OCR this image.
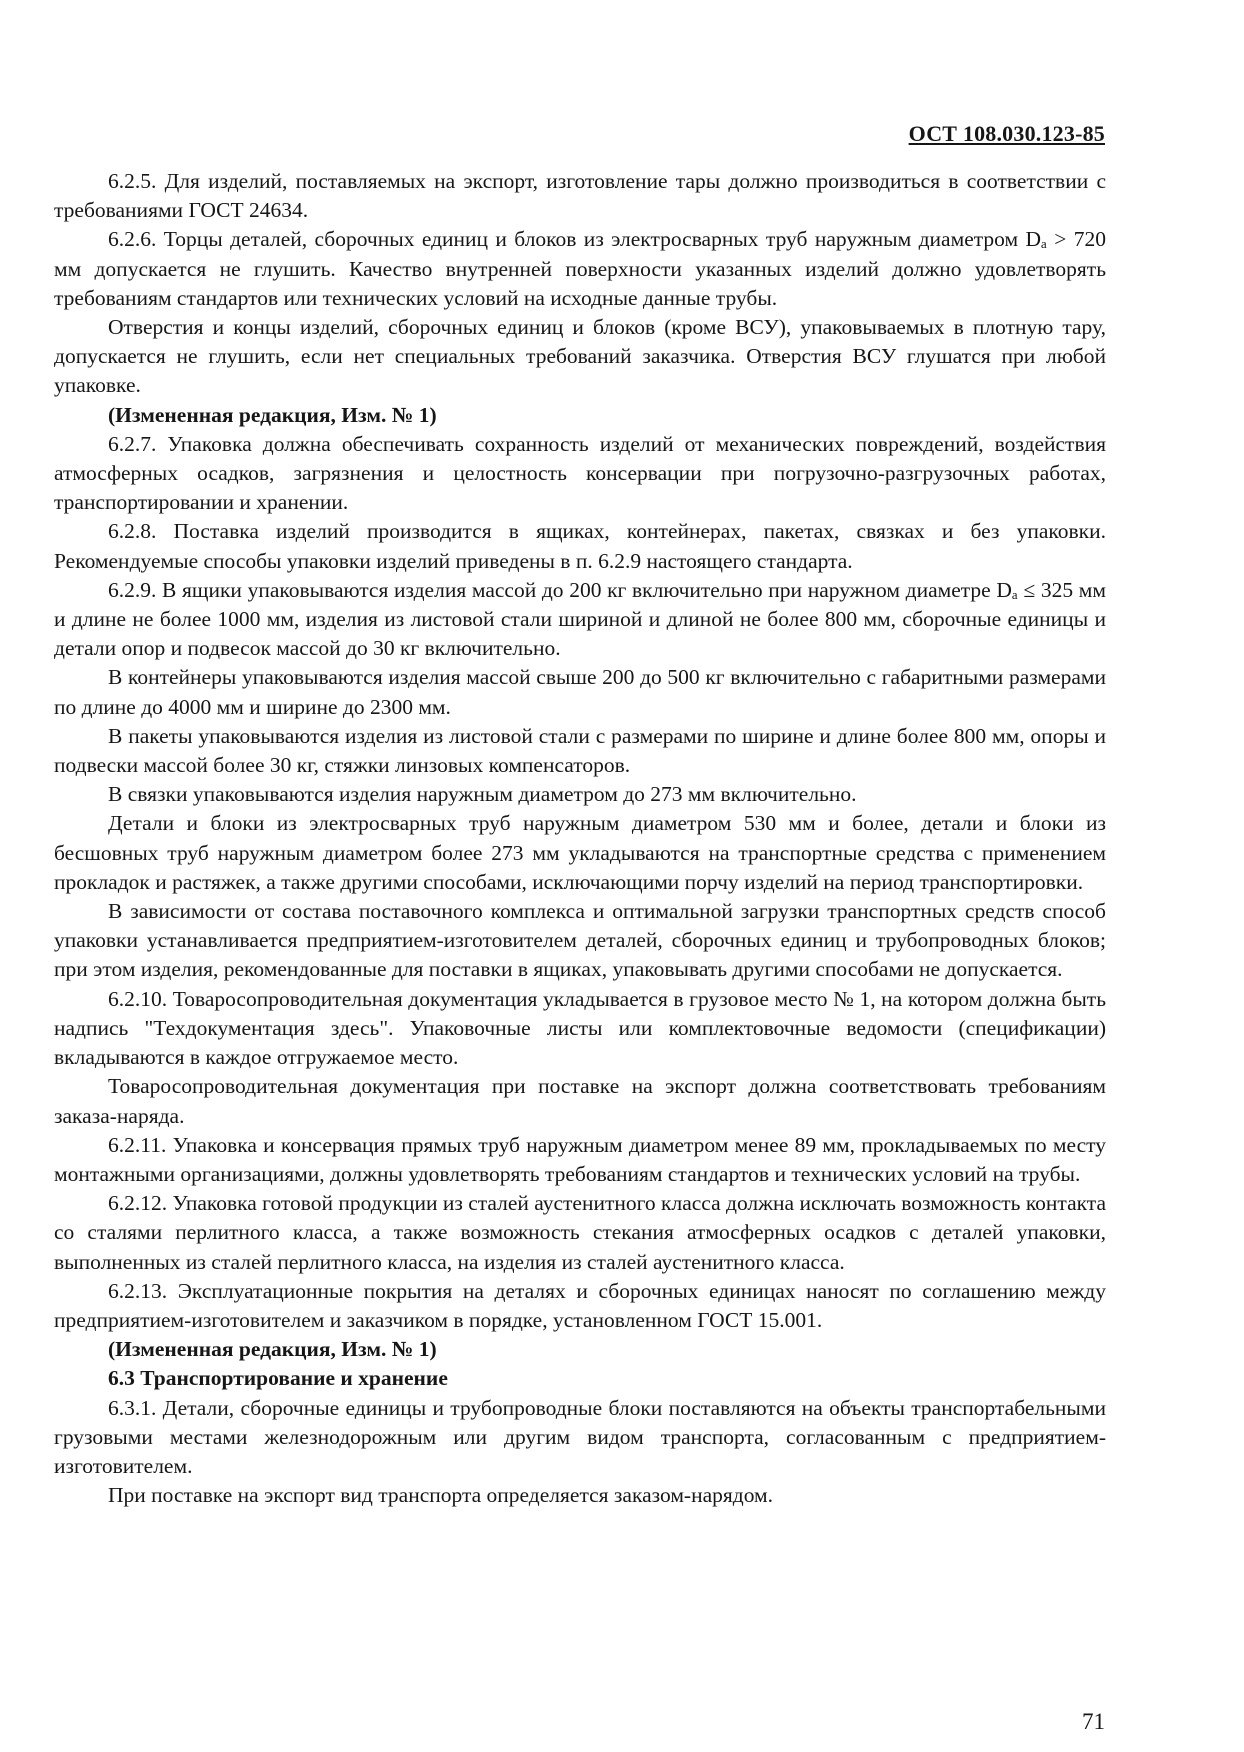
ОСТ 108.030.123-85

6.2.5. Для изделий, поставляемых на экспорт, изготовление тары должно производиться в соответствии с требованиями ГОСТ 24634.

6.2.6. Торцы деталей, сборочных единиц и блоков из электросварных труб наружным диаметром Dₐ > 720 мм допускается не глушить. Качество внутренней поверхности указанных изделий должно удовлетворять требованиям стандартов или технических условий на исходные данные трубы.

Отверстия и концы изделий, сборочных единиц и блоков (кроме ВСУ), упаковываемых в плотную тару, допускается не глушить, если нет специальных требований заказчика. Отверстия ВСУ глушатся при любой упаковке.

(Измененная редакция, Изм. № 1)

6.2.7. Упаковка должна обеспечивать сохранность изделий от механических повреждений, воздействия атмосферных осадков, загрязнения и целостность консервации при погрузочно-разгрузочных работах, транспортировании и хранении.

6.2.8. Поставка изделий производится в ящиках, контейнерах, пакетах, связках и без упаковки. Рекомендуемые способы упаковки изделий приведены в п. 6.2.9 настоящего стандарта.

6.2.9. В ящики упаковываются изделия массой до 200 кг включительно при наружном диаметре Dₐ ≤ 325 мм и длине не более 1000 мм, изделия из листовой стали шириной и длиной не более 800 мм, сборочные единицы и детали опор и подвесок массой до 30 кг включительно.

В контейнеры упаковываются изделия массой свыше 200 до 500 кг включительно с габаритными размерами по длине до 4000 мм и ширине до 2300 мм.

В пакеты упаковываются изделия из листовой стали с размерами по ширине и длине более 800 мм, опоры и подвески массой более 30 кг, стяжки линзовых компенсаторов.

В связки упаковываются изделия наружным диаметром до 273 мм включительно.

Детали и блоки из электросварных труб наружным диаметром 530 мм и более, детали и блоки из бесшовных труб наружным диаметром более 273 мм укладываются на транспортные средства с применением прокладок и растяжек, а также другими способами, исключающими порчу изделий на период транспортировки.

В зависимости от состава поставочного комплекса и оптимальной загрузки транспортных средств способ упаковки устанавливается предприятием-изготовителем деталей, сборочных единиц и трубопроводных блоков; при этом изделия, рекомендованные для поставки в ящиках, упаковывать другими способами не допускается.

6.2.10. Товаросопроводительная документация укладывается в грузовое место № 1, на котором должна быть надпись "Техдокументация здесь". Упаковочные листы или комплектовочные ведомости (спецификации) вкладываются в каждое отгружаемое место.

Товаросопроводительная документация при поставке на экспорт должна соответствовать требованиям заказа-наряда.

6.2.11. Упаковка и консервация прямых труб наружным диаметром менее 89 мм, прокладываемых по месту монтажными организациями, должны удовлетворять требованиям стандартов и технических условий на трубы.

6.2.12. Упаковка готовой продукции из сталей аустенитного класса должна исключать возможность контакта со сталями перлитного класса, а также возможность стекания атмосферных осадков с деталей упаковки, выполненных из сталей перлитного класса, на изделия из сталей аустенитного класса.

6.2.13. Эксплуатационные покрытия на деталях и сборочных единицах наносят по соглашению между предприятием-изготовителем и заказчиком в порядке, установленном ГОСТ 15.001.

(Измененная редакция, Изм. № 1)

6.3 Транспортирование и хранение

6.3.1. Детали, сборочные единицы и трубопроводные блоки поставляются на объекты транспортабельными грузовыми местами железнодорожным или другим видом транспорта, согласованным с предприятием-изготовителем.

При поставке на экспорт вид транспорта определяется заказом-нарядом.

71
